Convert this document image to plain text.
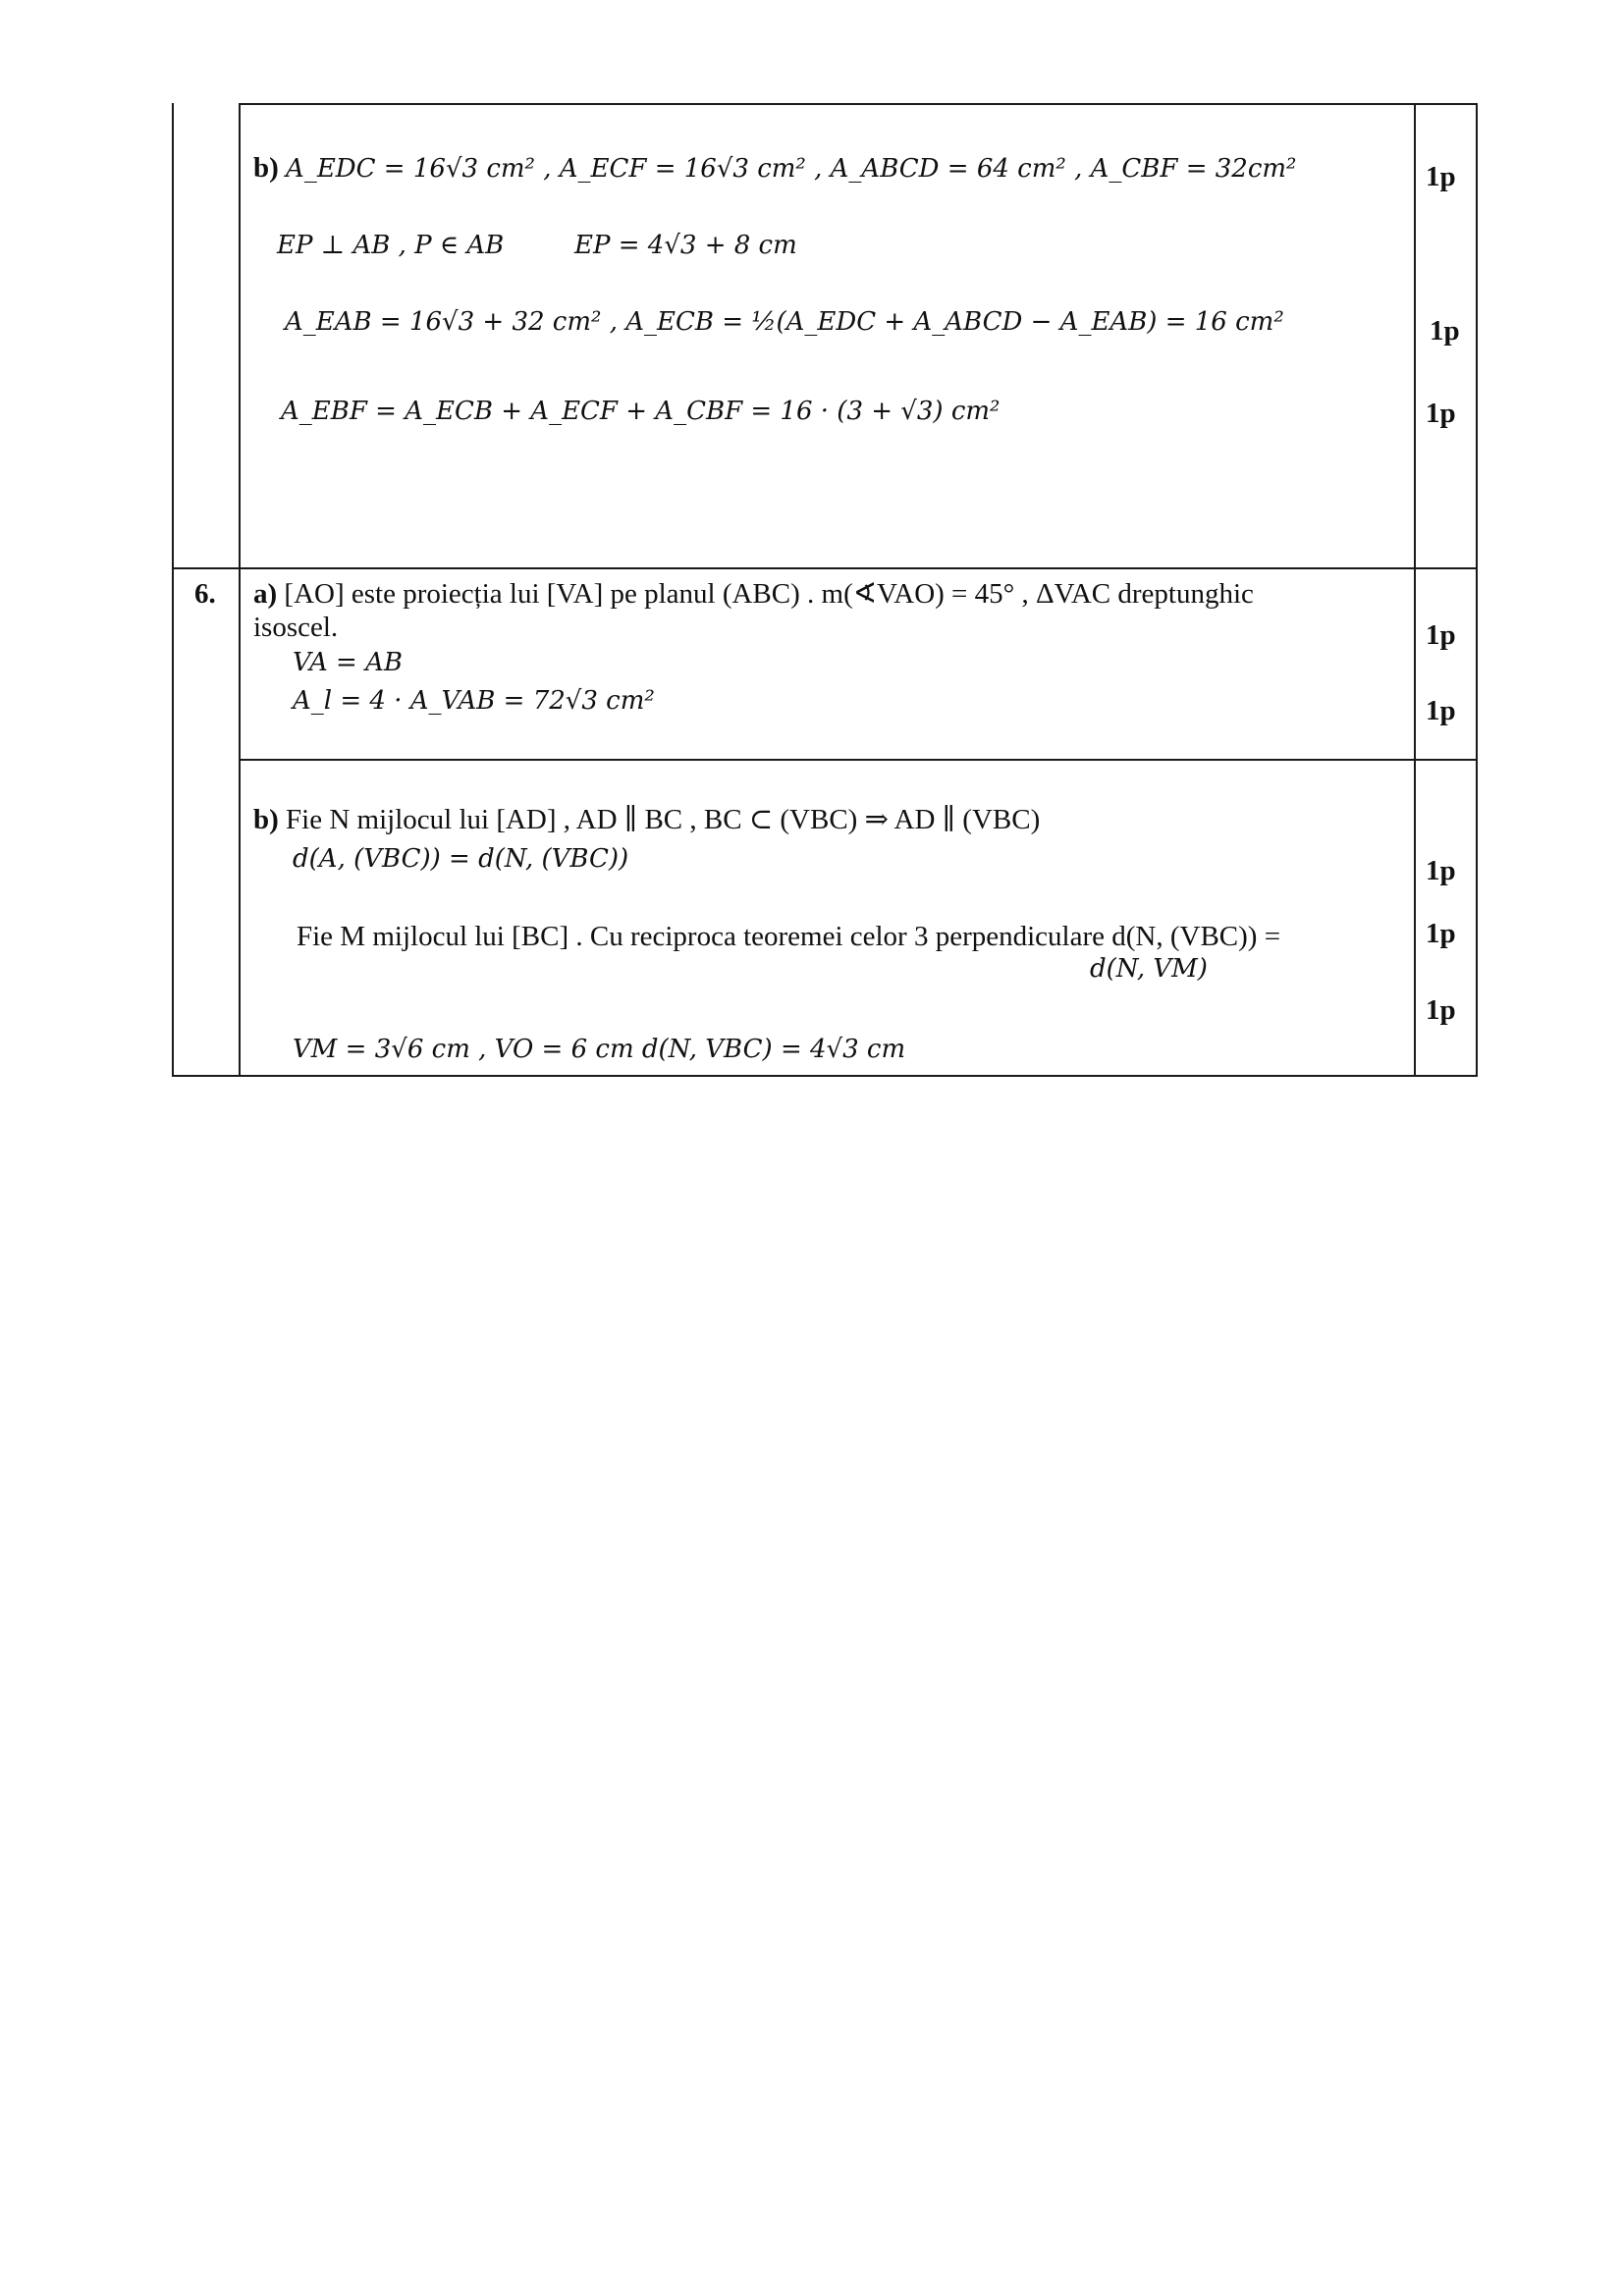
b) A_EDC = 16√3 cm² , A_ECF = 16√3 cm² , A_ABCD = 64 cm² , A_CBF = 32cm²
EP ⊥ AB , P ∈ AB	EP = 4√3 + 8 cm
A_EAB = 16√3 + 32 cm² , A_ECB = ½(A_EDC + A_ABCD − A_EAB) = 16 cm²
A_EBF = A_ECB + A_ECF + A_CBF = 16 · (3 + √3) cm²
1p
1p
1p
6. a) [AO] este proiecția lui [VA] pe planul (ABC) . m(∢VAO) = 45° , ΔVAC dreptunghic
isoscel.
VA = AB
A_l = 4 · A_VAB = 72√3 cm²
1p
1p
b) Fie N mijlocul lui [AD] , AD ∥ BC , BC ⊂ (VBC) ⇒ AD ∥ (VBC)
d(A, (VBC)) = d(N, (VBC))
Fie M mijlocul lui [BC] . Cu reciproca teoremei celor 3 perpendiculare d(N, (VBC)) =
d(N, VM)
VM = 3√6 cm , VO = 6 cm d(N, VBC) = 4√3 cm
1p
1p
1p
